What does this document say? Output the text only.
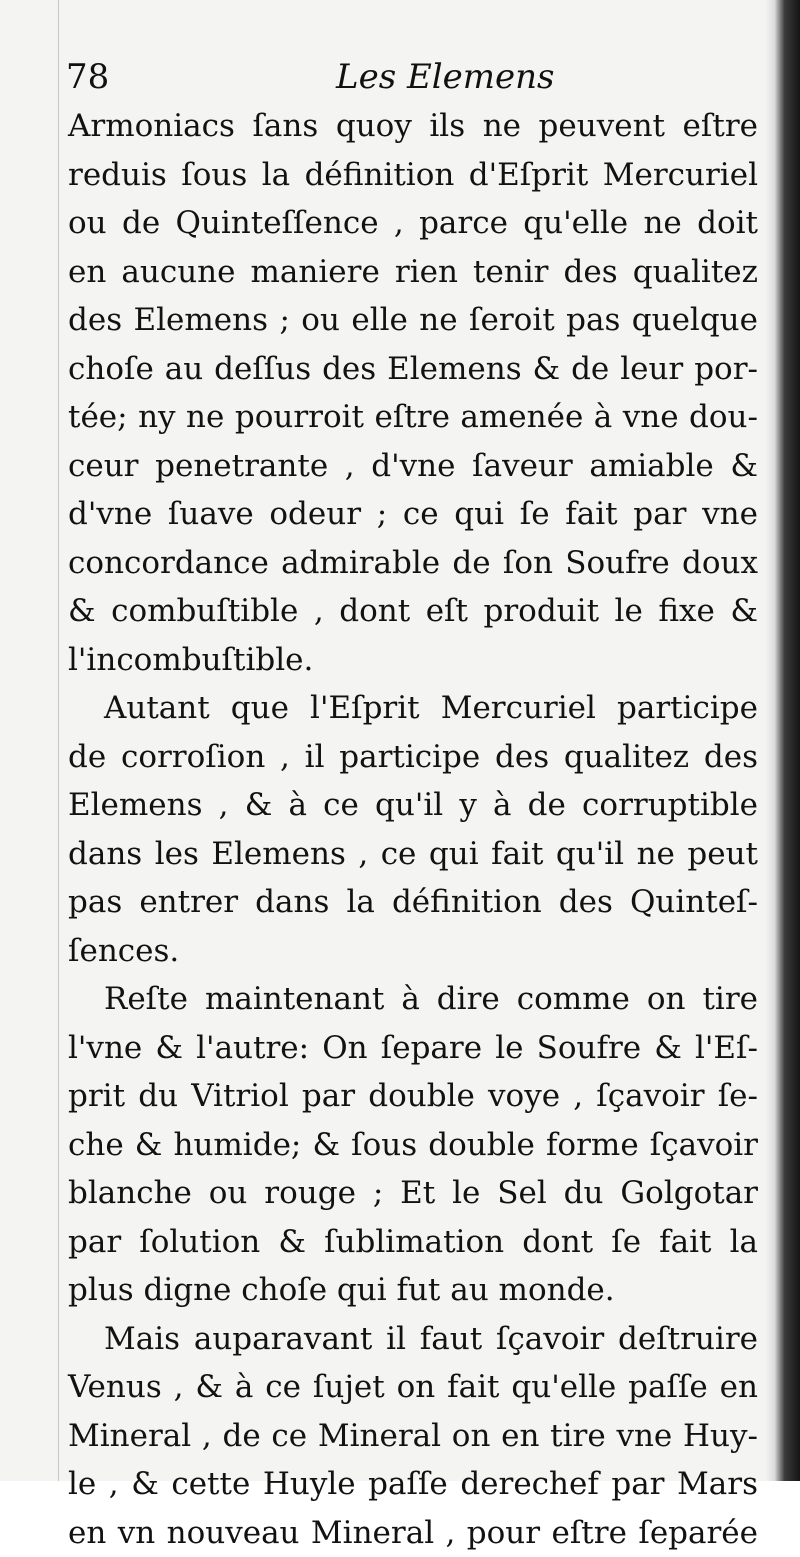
78	Les Elemens
Armoniacs ſans quoy ils ne peuvent eſtre
reduis ſous la définition d'Eſprit Mercuriel
ou de Quinteſſence , parce qu'elle ne doit
en aucune maniere rien tenir des qualitez
des Elemens ; ou elle ne ſeroit pas quelque
choſe au deſſus des Elemens & de leur por-
tée; ny ne pourroit eſtre amenée à vne dou-
ceur penetrante , d'vne ſaveur amiable &
d'vne ſuave odeur ; ce qui ſe fait par vne
concordance admirable de ſon Soufre doux
& combuſtible , dont eſt produit le fixe &
l'incombuſtible.
Autant que l'Eſprit Mercuriel participe
de corroſion , il participe des qualitez des
Elemens , & à ce qu'il y à de corruptible
dans les Elemens , ce qui fait qu'il ne peut
pas entrer dans la définition des Quinteſ-
ſences.
Reſte maintenant à dire comme on tire
l'vne & l'autre: On ſepare le Soufre & l'Eſ-
prit du Vitriol par double voye , ſçavoir ſe-
che & humide; & ſous double forme ſçavoir
blanche ou rouge ; Et le Sel du Golgotar
par ſolution & ſublimation dont ſe fait la
plus digne choſe qui fut au monde.
Mais auparavant il faut ſçavoir deſtruire
Venus , & à ce ſujet on fait qu'elle paſſe en
Mineral , de ce Mineral on en tire vne Huy-
le , & cette Huyle paſſe derechef par Mars
en vn nouveau Mineral , pour eſtre ſeparée
